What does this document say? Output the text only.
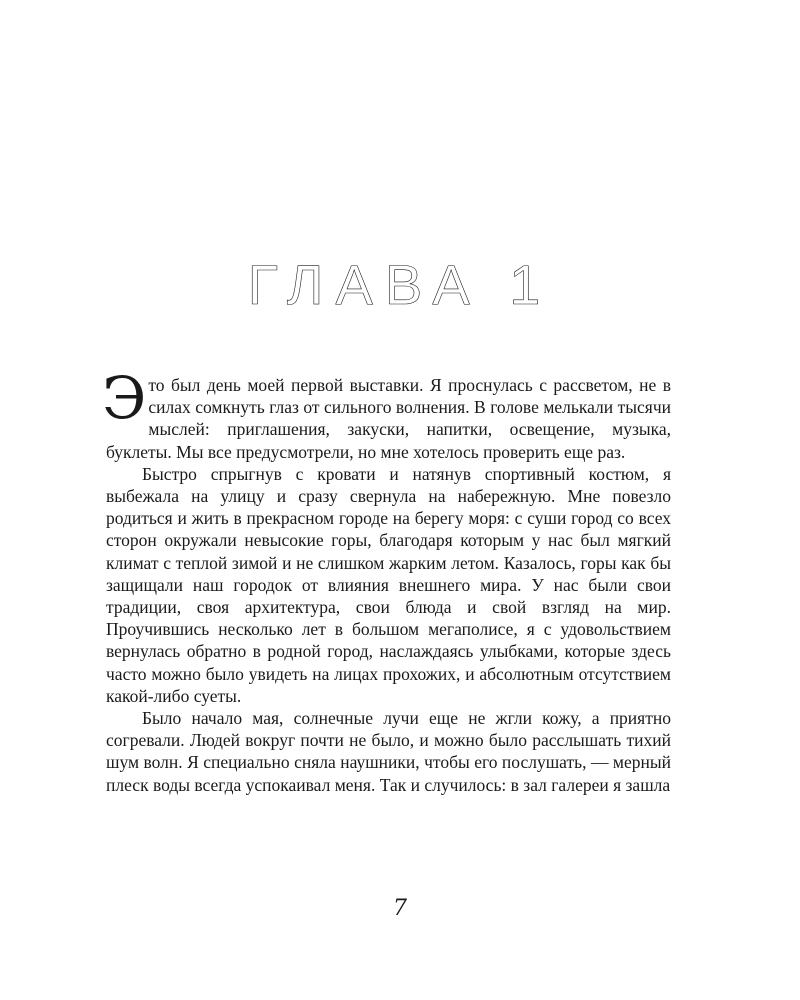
ГЛАВА 1

Это был день моей первой выставки. Я проснулась с рассветом, не в силах сомкнуть глаз от сильного волнения. В голове мелькали тысячи мыслей: приглашения, закуски, напитки, освещение, музыка, буклеты. Мы все предусмотрели, но мне хотелось проверить еще раз.

Быстро спрыгнув с кровати и натянув спортивный костюм, я выбежала на улицу и сразу свернула на набережную. Мне повезло родиться и жить в прекрасном городе на берегу моря: с суши город со всех сторон окружали невысокие горы, благодаря которым у нас был мягкий климат с теплой зимой и не слишком жарким летом. Казалось, горы как бы защищали наш городок от влияния внешнего мира. У нас были свои традиции, своя архитектура, свои блюда и свой взгляд на мир. Проучившись несколько лет в большом мегаполисе, я с удовольствием вернулась обратно в родной город, наслаждаясь улыбками, которые здесь часто можно было увидеть на лицах прохожих, и абсолютным отсутствием какой-либо суеты.

Было начало мая, солнечные лучи еще не жгли кожу, а приятно согревали. Людей вокруг почти не было, и можно было расслышать тихий шум волн. Я специально сняла наушники, чтобы его послушать, — мерный плеск воды всегда успокаивал меня. Так и случилось: в зал галереи я зашла

7
